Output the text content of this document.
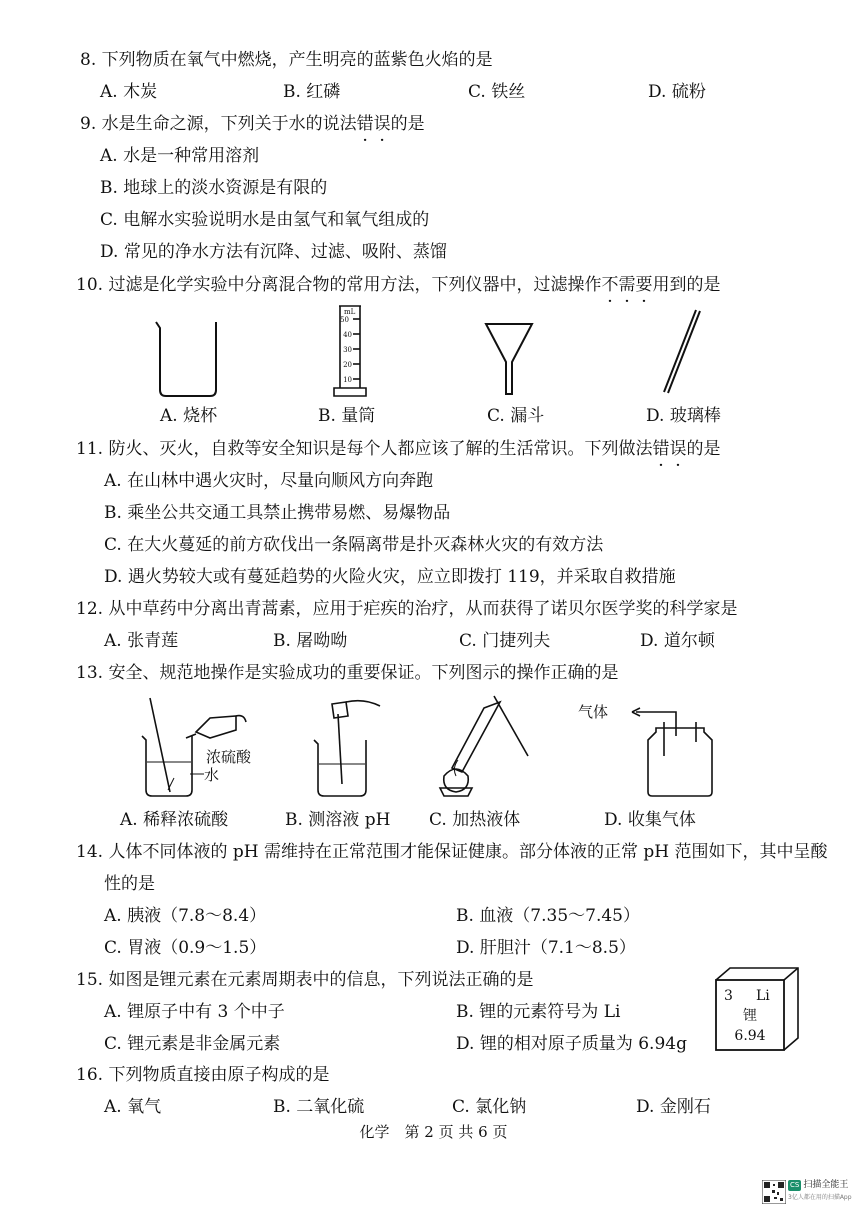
8. 下列物质在氧气中燃烧，产生明亮的蓝紫色火焰的是
A. 木炭	B. 红磷	C. 铁丝	D. 硫粉
9. 水是生命之源，下列关于水的说法错误的是
A. 水是一种常用溶剂
B. 地球上的淡水资源是有限的
C. 电解水实验说明水是由氢气和氧气组成的
D. 常见的净水方法有沉降、过滤、吸附、蒸馏
10. 过滤是化学实验中分离混合物的常用方法，下列仪器中，过滤操作不需要用到的是
mL
50
40
30
20
10
A. 烧杯	B. 量筒	C. 漏斗	D. 玻璃棒
11. 防火、灭火，自救等安全知识是每个人都应该了解的生活常识。下列做法错误的是
A. 在山林中遇火灾时，尽量向顺风方向奔跑
B. 乘坐公共交通工具禁止携带易燃、易爆物品
C. 在大火蔓延的前方砍伐出一条隔离带是扑灭森林火灾的有效方法
D. 遇火势较大或有蔓延趋势的火险火灾，应立即拨打 119，并采取自救措施
12. 从中草药中分离出青蒿素，应用于疟疾的治疗，从而获得了诺贝尔医学奖的科学家是
A. 张青莲	B. 屠呦呦	C. 门捷列夫	D. 道尔顿
13. 安全、规范地操作是实验成功的重要保证。下列图示的操作正确的是
浓硫酸
水
气体
A. 稀释浓硫酸	B. 测溶液 pH C. 加热液体	D. 收集气体
14. 人体不同体液的 pH 需维持在正常范围才能保证健康。部分体液的正常 pH 范围如下，其中呈酸
性的是
A. 胰液（7.8～8.4）	B. 血液（7.35～7.45）
C. 胃液（0.9～1.5）	D. 肝胆汁（7.1～8.5）
15. 如图是锂元素在元素周期表中的信息，下列说法正确的是
A. 锂原子中有 3 个中子	B. 锂的元素符号为 Li
C. 锂元素是非金属元素	D. 锂的相对原子质量为 6.94g
3 Li
锂
6.94
16. 下列物质直接由原子构成的是
A. 氧气	B. 二氧化硫	C. 氯化钠	D. 金刚石
化学　第 2 页 共 6 页
CS 扫描全能王
3亿人都在用的扫描App
